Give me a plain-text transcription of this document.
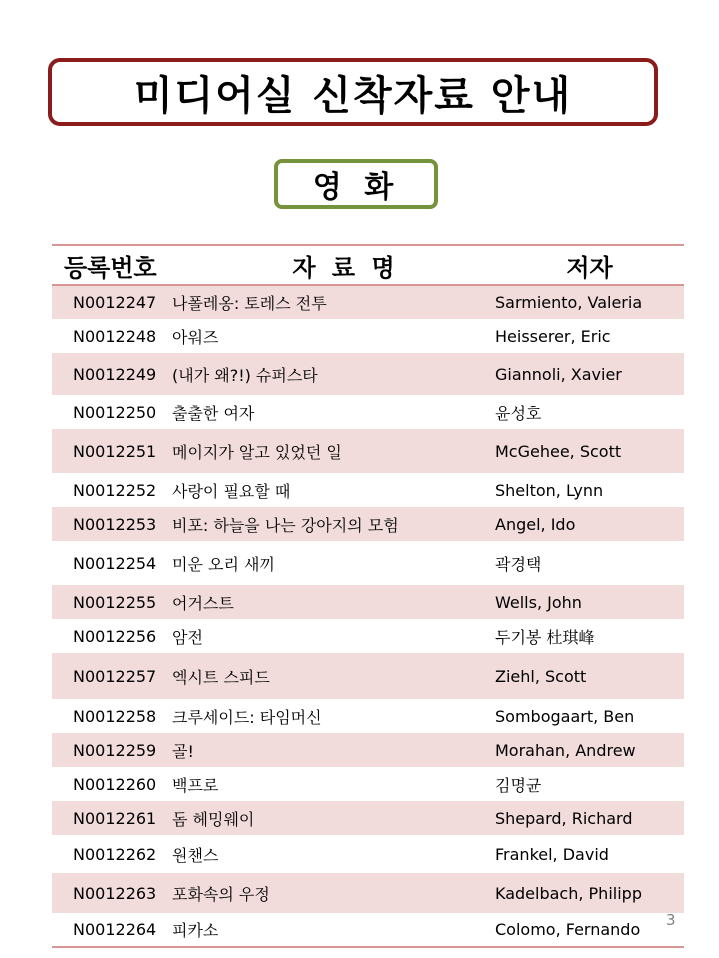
미디어실 신착자료 안내
영 화
등록번호	자 료 명	저자
N0012247	나폴레옹: 토레스 전투	Sarmiento, Valeria
N0012248	아워즈	Heisserer, Eric
N0012249	(내가 왜?!) 슈퍼스타	Giannoli, Xavier
N0012250	출출한 여자	윤성호
N0012251	메이지가 알고 있었던 일	McGehee, Scott
N0012252	사랑이 필요할 때	Shelton, Lynn
N0012253	비포: 하늘을 나는 강아지의 모험	Angel, Ido
N0012254	미운 오리 새끼	곽경택
N0012255	어거스트	Wells, John
N0012256	암전	두기봉 杜琪峰
N0012257	엑시트 스피드	Ziehl, Scott
N0012258	크루세이드: 타임머신	Sombogaart, Ben
N0012259	골!	Morahan, Andrew
N0012260	백프로	김명균
N0012261	돔 헤밍웨이	Shepard, Richard
N0012262	원챈스	Frankel, David
N0012263	포화속의 우정	Kadelbach, Philipp
N0012264	피카소	Colomo, Fernando 3
